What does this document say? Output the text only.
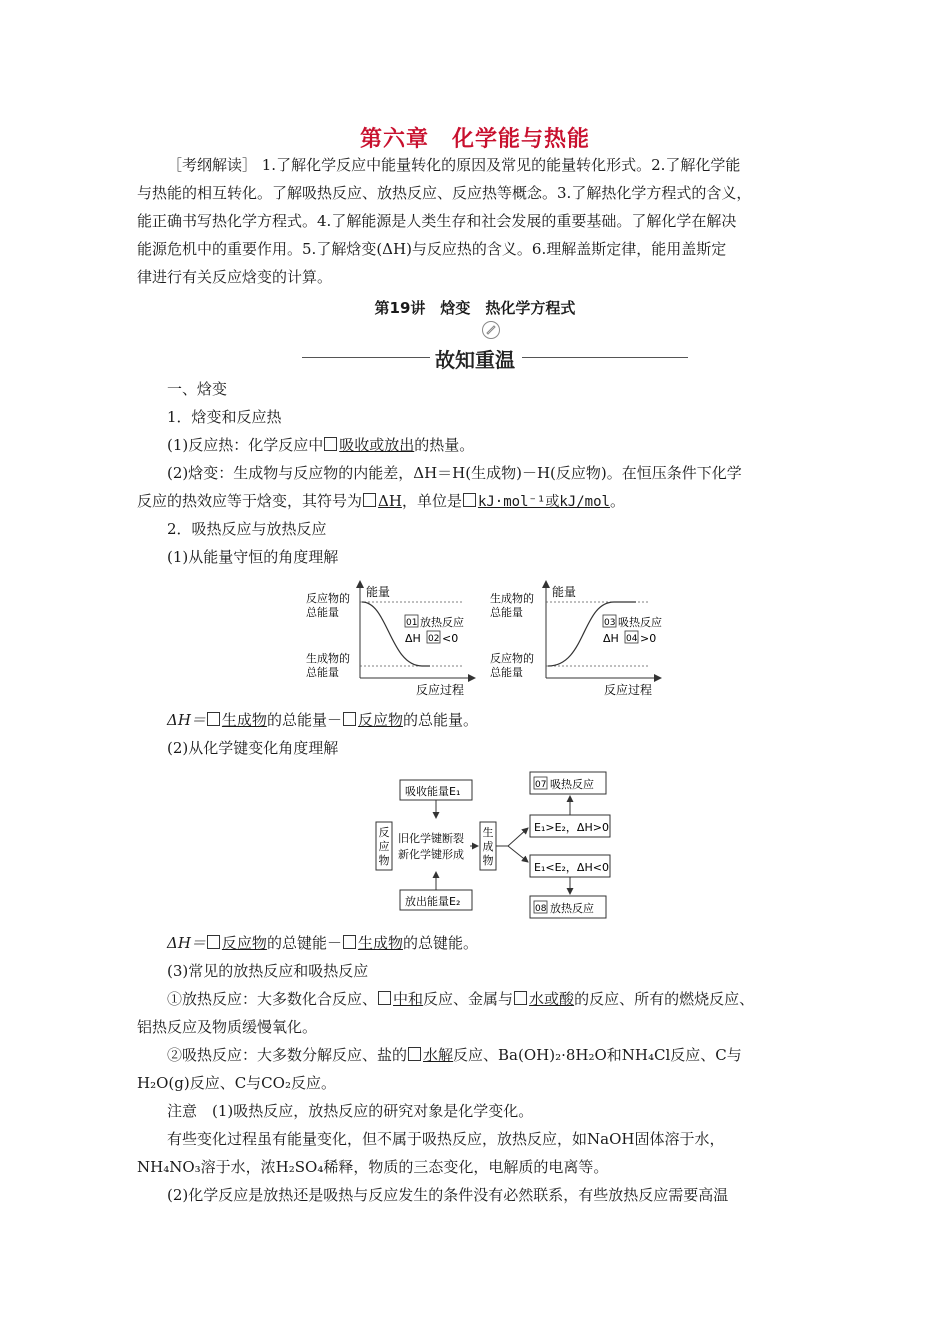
第六章　化学能与热能
［考纲解读］ 1.了解化学反应中能量转化的原因及常见的能量转化形式。2.了解化学能
与热能的相互转化。了解吸热反应、放热反应、反应热等概念。3.了解热化学方程式的含义，
能正确书写热化学方程式。4.了解能源是人类生存和社会发展的重要基础。了解化学在解决
能源危机中的重要作用。5.了解焓变(ΔH)与反应热的含义。6.理解盖斯定律，能用盖斯定
律进行有关反应焓变的计算。
第19讲　焓变　热化学方程式
故知重温
一、焓变
1．焓变和反应热
(1)反应热：化学反应中 吸收或放出的热量。
(2)焓变：生成物与反应物的内能差，ΔH＝H(生成物)－H(反应物)。在恒压条件下化学
反应的热效应等于焓变，其符号为 ΔH，单位是 kJ·mol⁻¹或kJ/mol。
2．吸热反应与放热反应
(1)从能量守恒的角度理解
能量
反应过程
反应物的
总能量
生成物的
总能量
01 放热反应
ΔH 02 <0
能量
反应过程
生成物的
总能量
反应物的
总能量
03 吸热反应
ΔH 04 >0
ΔH＝ 生成物的总能量－ 反应物的总能量。
(2)从化学键变化角度理解
吸收能量E₁
反
应
物
旧化学键断裂
新化学键形成
生
成
物
放出能量E₂
E₁>E₂，ΔH>0
E₁<E₂，ΔH<0
07 吸热反应
08 放热反应
ΔH＝ 反应物的总键能－ 生成物的总键能。
(3)常见的放热反应和吸热反应
①放热反应：大多数化合反应、 中和反应、金属与 水或酸的反应、所有的燃烧反应、
铝热反应及物质缓慢氧化。
②吸热反应：大多数分解反应、盐的 水解反应、Ba(OH)₂·8H₂O和NH₄Cl反应、C与
H₂O(g)反应、C与CO₂反应。
注意　(1)吸热反应，放热反应的研究对象是化学变化。
有些变化过程虽有能量变化，但不属于吸热反应，放热反应，如NaOH固体溶于水，
NH₄NO₃溶于水，浓H₂SO₄稀释，物质的三态变化，电解质的电离等。
(2)化学反应是放热还是吸热与反应发生的条件没有必然联系，有些放热反应需要高温
